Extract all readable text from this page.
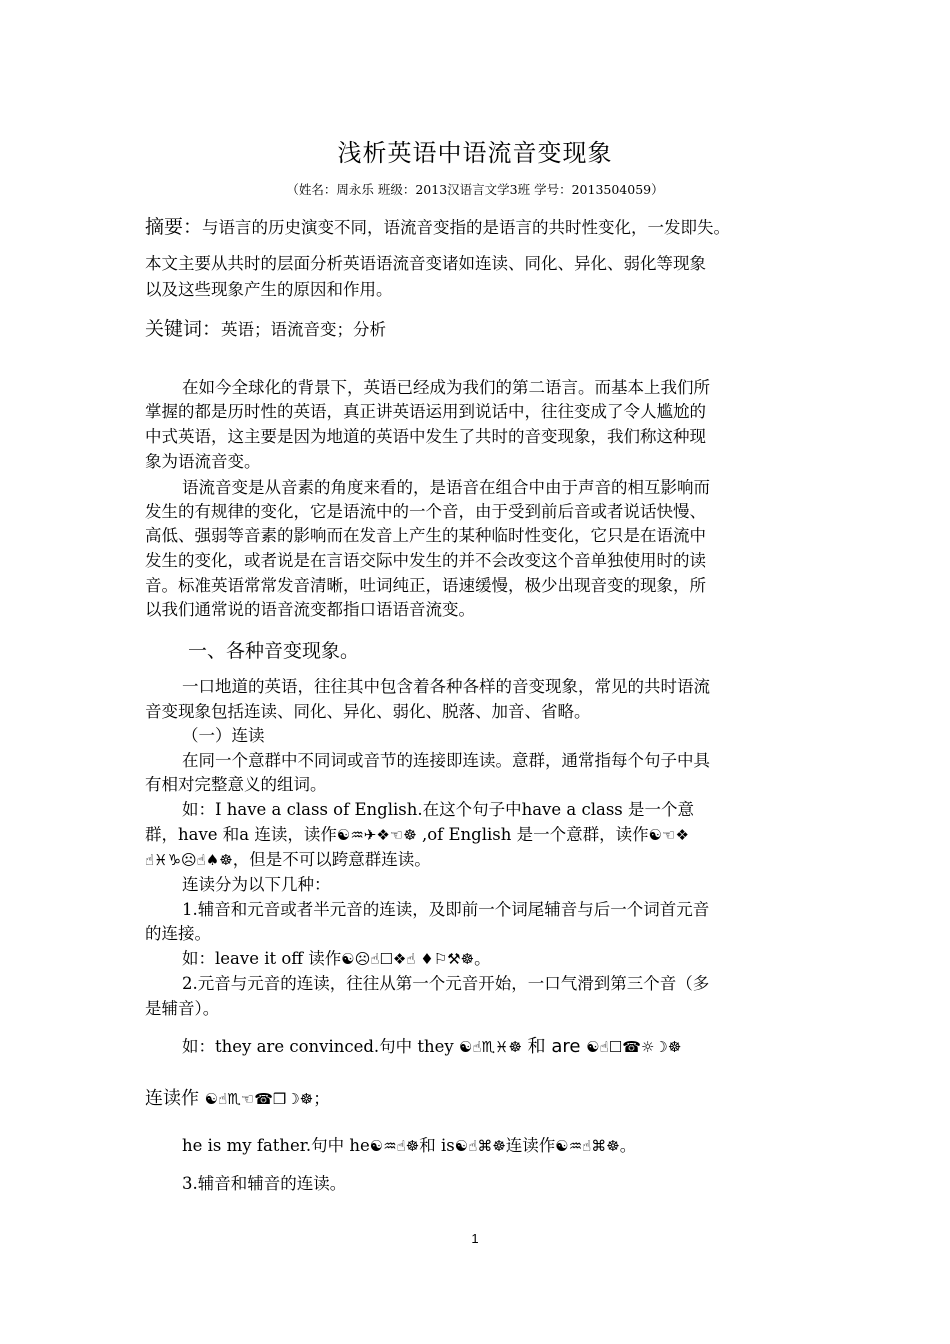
浅析英语中语流音变现象
（姓名：周永乐 班级：2013汉语言文学3班 学号：2013504059）
摘要：与语言的历史演变不同，语流音变指的是语言的共时性变化，一发即失。
本文主要从共时的层面分析英语语流音变诸如连读、同化、异化、弱化等现象
以及这些现象产生的原因和作用。
关键词：英语；语流音变；分析
在如今全球化的背景下，英语已经成为我们的第二语言。而基本上我们所
掌握的都是历时性的英语，真正讲英语运用到说话中，往往变成了令人尴尬的
中式英语，这主要是因为地道的英语中发生了共时的音变现象，我们称这种现
象为语流音变。
语流音变是从音素的角度来看的，是语音在组合中由于声音的相互影响而
发生的有规律的变化，它是语流中的一个音，由于受到前后音或者说话快慢、
高低、强弱等音素的影响而在发音上产生的某种临时性变化，它只是在语流中
发生的变化，或者说是在言语交际中发生的并不会改变这个音单独使用时的读
音。标准英语常常发音清晰，吐词纯正，语速缓慢，极少出现音变的现象，所
以我们通常说的语音流变都指口语语音流变。
一、各种音变现象。
一口地道的英语，往往其中包含着各种各样的音变现象，常见的共时语流
音变现象包括连读、同化、异化、弱化、脱落、加音、省略。
（一）连读
在同一个意群中不同词或音节的连接即连读。意群，通常指每个句子中具
有相对完整意义的组词。
如：I have a class of English.在这个句子中have a class 是一个意
群，have 和a 连读，读作☯♒✈❖☜☸ ,of English 是一个意群，读作☯☜❖
☝♓♑☹☝♠☸，但是不可以跨意群连读。
连读分为以下几种：
1.辅音和元音或者半元音的连读，及即前一个词尾辅音与后一个词首元音
的连接。
如：leave it off 读作☯☹☝☐❖☝ ♦⚐⚒☸。
2.元音与元音的连读，往往从第一个元音开始，一口气滑到第三个音（多
是辅音）。
如：they are convinced.句中 they ☯☝♏♓☸ 和 are ☯☝☐☎☼☽☸
连读作 ☯☝♏☜☎❒☽☸；
he is my father.句中 he☯♒☝☸和 is☯☝⌘☸连读作☯♒☝⌘☸。
3.辅音和辅音的连读。
1
